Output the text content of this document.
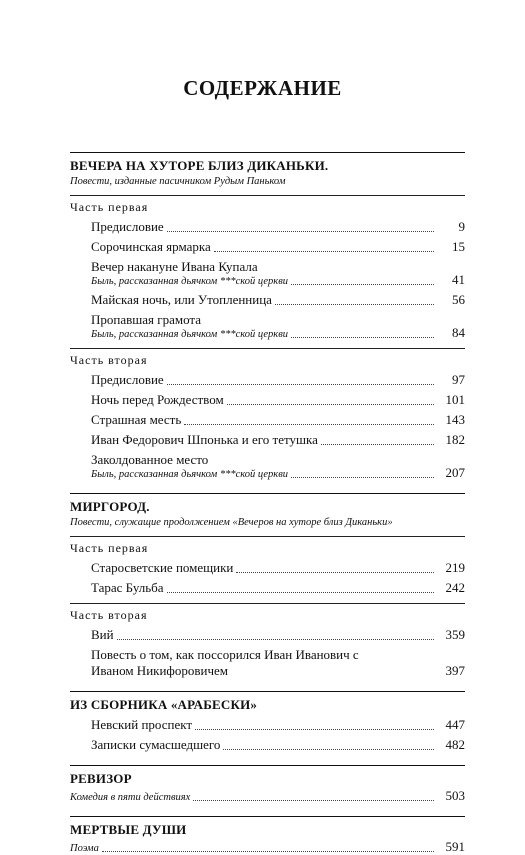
СОДЕРЖАНИЕ
ВЕЧЕРА НА ХУТОРЕ БЛИЗ ДИКАНЬКИ.
Повести, изданные пасичником Рудым Паньком
Часть первая
Предисловие	9
Сорочинская ярмарка	15
Вечер накануне Ивана Купала
Быль, рассказанная дьячком ***ской церкви	41
Майская ночь, или Утопленница	56
Пропавшая грамота
Быль, рассказанная дьячком ***ской церкви	84
Часть вторая
Предисловие	97
Ночь перед Рождеством	101
Страшная месть	143
Иван Федорович Шпонька и его тетушка	182
Заколдованное место
Быль, рассказанная дьячком ***ской церкви	207
МИРГОРОД.
Повести, служащие продолжением «Вечеров на хуторе близ Диканьки»
Часть первая
Старосветские помещики	219
Тарас Бульба	242
Часть вторая
Вий	359
Повесть о том, как поссорился Иван Иванович с Иваном Никифоровичем	397
ИЗ СБОРНИКА «АРАБЕСКИ»
Невский проспект	447
Записки сумасшедшего	482
РЕВИЗОР
Комедия в пяти действиях	503
МЕРТВЫЕ ДУШИ
Поэма	591
